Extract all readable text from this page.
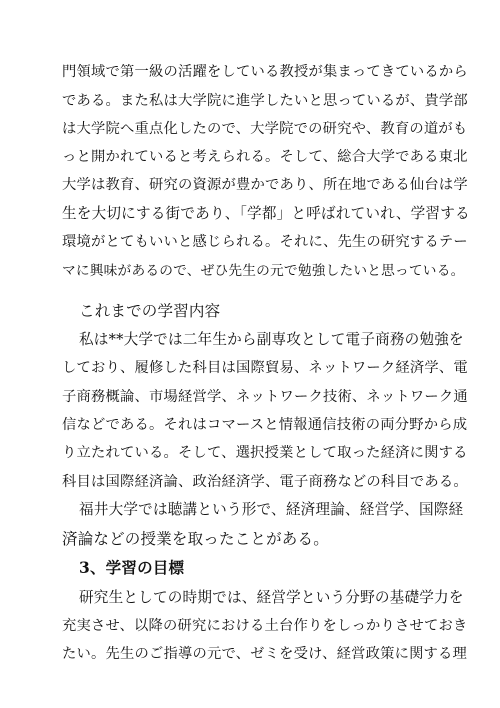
門領域で第一級の活躍をしている教授が集まってきているから
である。また私は大学院に進学したいと思っているが、貴学部
は大学院へ重点化したので、大学院での研究や、教育の道がも
っと開かれていると考えられる。そして、総合大学である東北
大学は教育、研究の資源が豊かであり、所在地である仙台は学
生を大切にする街であり、「学都」と呼ばれていれ、学習する
環境がとてもいいと感じられる。それに、先生の研究するテー
マに興味があるので、ぜひ先生の元で勉強したいと思っている。
これまでの学習内容
私は**大学では二年生から副専攻として電子商務の勉強を
しており、履修した科目は国際貿易、ネットワーク経済学、電
子商務概論、市場経営学、ネットワーク技術、ネットワーク通
信などである。それはコマースと情報通信技術の両分野から成
り立たれている。そして、選択授業として取った経済に関する
科目は国際経済論、政治経済学、電子商務などの科目である。
福井大学では聴講という形で、経済理論、経営学、国際経
済論などの授業を取ったことがある。
3、学習の目標
研究生としての時期では、経営学という分野の基礎学力を
充実させ、以降の研究における土台作りをしっかりさせておき
たい。先生のご指導の元で、ゼミを受け、経営政策に関する理
